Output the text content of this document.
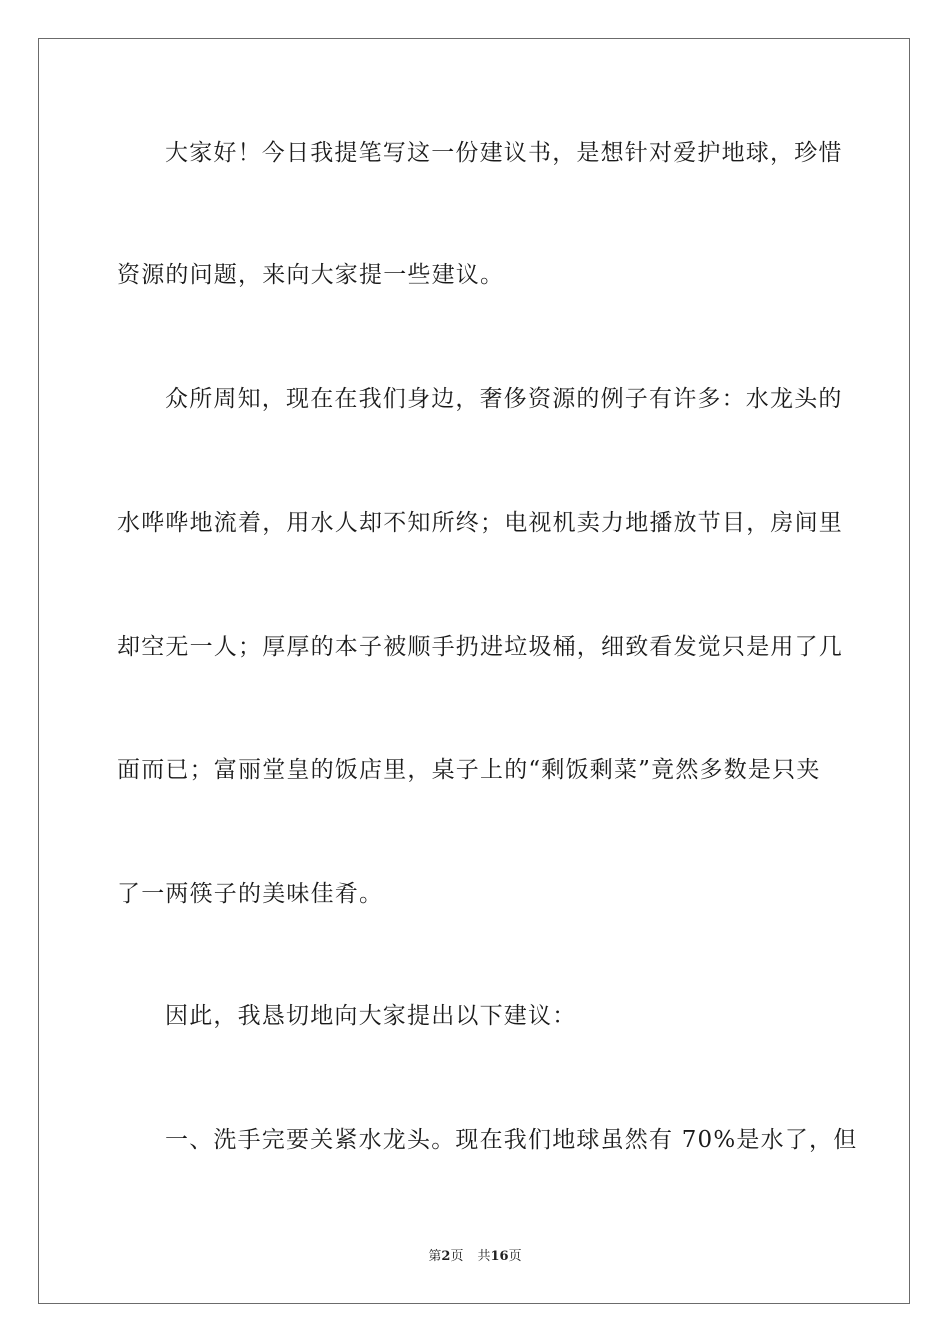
大家好！今日我提笔写这一份建议书，是想针对爱护地球，珍惜
资源的问题，来向大家提一些建议。
众所周知，现在在我们身边，奢侈资源的例子有许多：水龙头的
水哗哗地流着，用水人却不知所终；电视机卖力地播放节目，房间里
却空无一人；厚厚的本子被顺手扔进垃圾桶，细致看发觉只是用了几
面而已；富丽堂皇的饭店里，桌子上的“剩饭剩菜”竟然多数是只夹
了一两筷子的美味佳肴。
因此，我恳切地向大家提出以下建议：
一、洗手完要关紧水龙头。现在我们地球虽然有 70%是水了，但
第2页 共16页
